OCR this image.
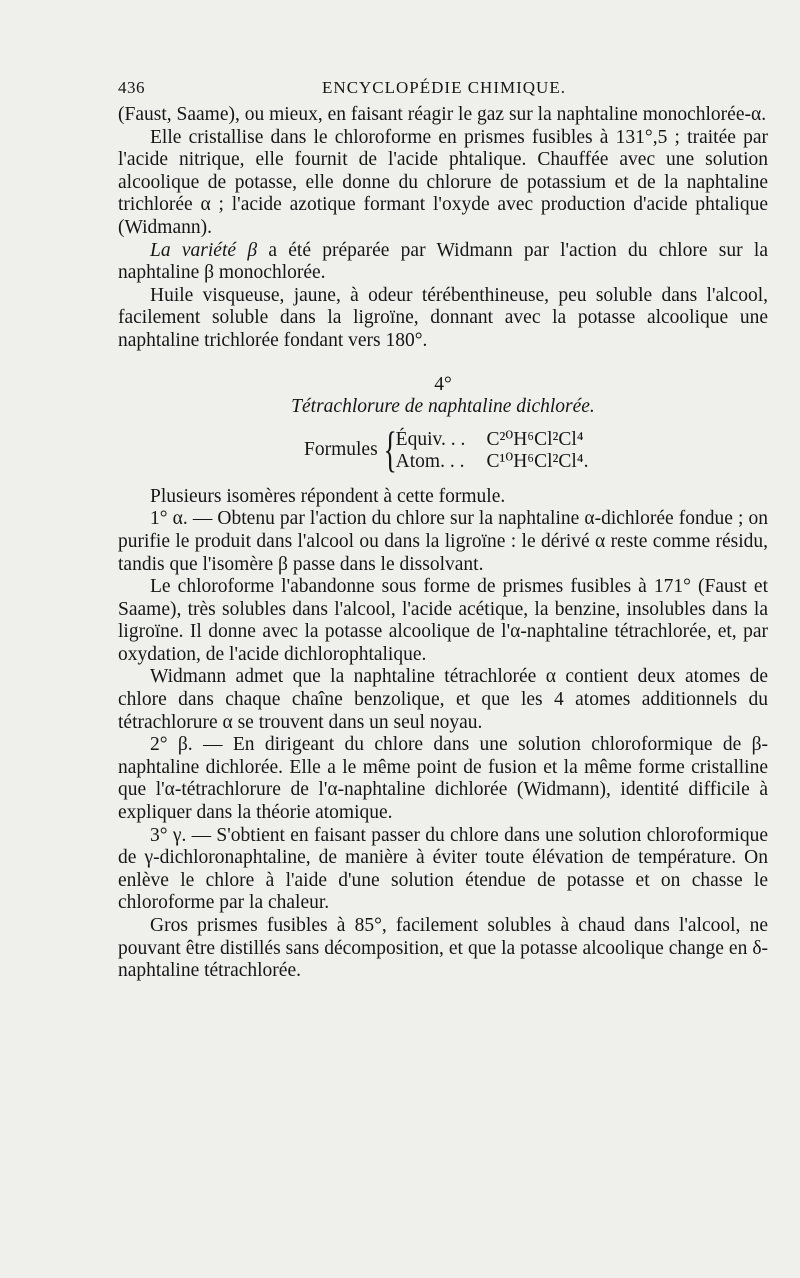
436	ENCYCLOPÉDIE CHIMIQUE.

(Faust, Saame), ou mieux, en faisant réagir le gaz sur la naphtaline monochlorée-α.

Elle cristallise dans le chloroforme en prismes fusibles à 131°,5 ; traitée par l'acide nitrique, elle fournit de l'acide phtalique. Chauffée avec une solution alcoolique de potasse, elle donne du chlorure de potassium et de la naphtaline trichlorée α ; l'acide azotique formant l'oxyde avec production d'acide phtalique (Widmann).

La variété β a été préparée par Widmann par l'action du chlore sur la naphtaline β monochlorée.

Huile visqueuse, jaune, à odeur térébenthineuse, peu soluble dans l'alcool, facilement soluble dans la ligroïne, donnant avec la potasse alcoolique une naphtaline trichlorée fondant vers 180°.

4°

Tétrachlorure de naphtaline dichlorée.

Formules { Équiv. . . C²⁰H⁶Cl²Cl⁴
Atom. . . C¹⁰H⁶Cl²Cl⁴.

Plusieurs isomères répondent à cette formule.

1° α. — Obtenu par l'action du chlore sur la naphtaline α-dichlorée fondue ; on purifie le produit dans l'alcool ou dans la ligroïne : le dérivé α reste comme résidu, tandis que l'isomère β passe dans le dissolvant.

Le chloroforme l'abandonne sous forme de prismes fusibles à 171° (Faust et Saame), très solubles dans l'alcool, l'acide acétique, la benzine, insolubles dans la ligroïne. Il donne avec la potasse alcoolique de l'α-naphtaline tétrachlorée, et, par oxydation, de l'acide dichlorophtalique.

Widmann admet que la naphtaline tétrachlorée α contient deux atomes de chlore dans chaque chaîne benzolique, et que les 4 atomes additionnels du tétrachlorure α se trouvent dans un seul noyau.

2° β. — En dirigeant du chlore dans une solution chloroformique de β-naphtaline dichlorée. Elle a le même point de fusion et la même forme cristalline que l'α-tétrachlorure de l'α-naphtaline dichlorée (Widmann), identité difficile à expliquer dans la théorie atomique.

3° γ. — S'obtient en faisant passer du chlore dans une solution chloroformique de γ-dichloronaphtaline, de manière à éviter toute élévation de température. On enlève le chlore à l'aide d'une solution étendue de potasse et on chasse le chloroforme par la chaleur.

Gros prismes fusibles à 85°, facilement solubles à chaud dans l'alcool, ne pouvant être distillés sans décomposition, et que la potasse alcoolique change en δ-naphtaline tétrachlorée.
